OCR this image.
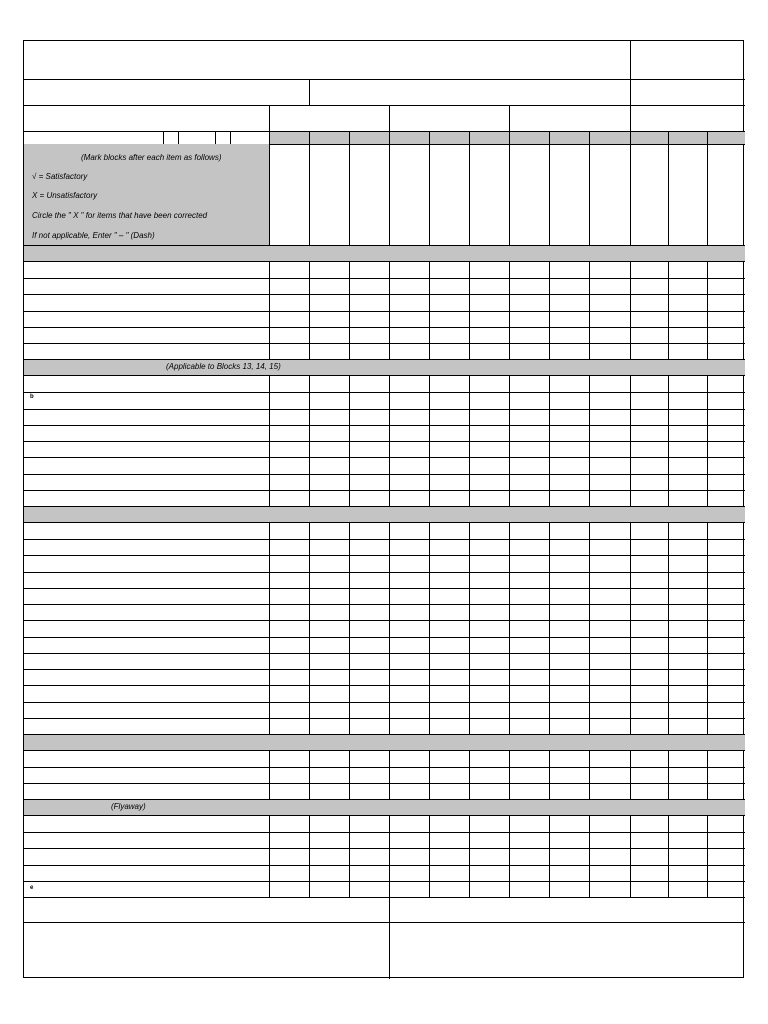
(Mark blocks after each item as follows)
√ = Satisfactory
X = Unsatisfactory
Circle the " X " for items that have been corrected
If not applicable, Enter " – " (Dash)
(Applicable to Blocks 13, 14, 15)
(Flyaway)
b
e
